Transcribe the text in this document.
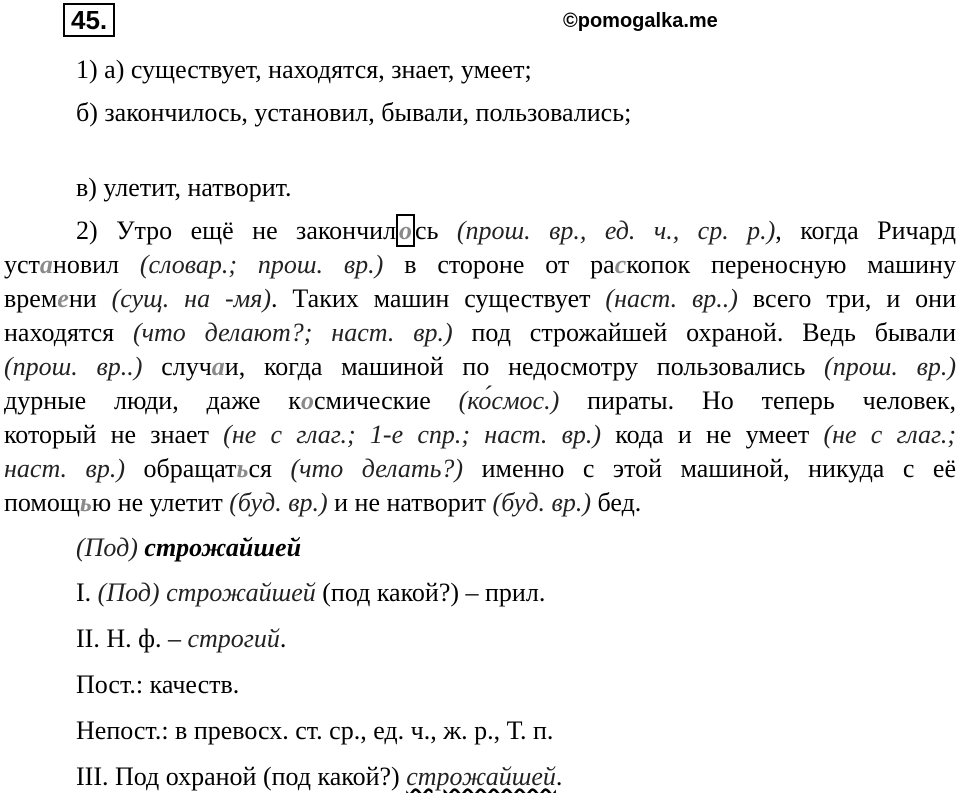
45.	©pomogalka.me
1) а) существует, находятся, знает, умеет;
б) закончилось, установил, бывали, пользовались;
в) улетит, натворит.
2) Утро ещё не закончил о сь (прош. вр., ед. ч., ср. р.), когда Ричард
установил (словар.; прош. вр.) в стороне от раскопок переносную машину
времени (сущ. на -мя). Таких машин существует (наст. вр..) всего три, и они
находятся (что делают?; наст. вр.) под строжайшей охраной. Ведь бывали
(прош. вр..) случаи, когда машиной по недосмотру пользовались (прош. вр.)
дурные люди, даже космические (ко́смос.) пираты. Но теперь человек,
который не знает (не с глаг.; 1-е спр.; наст. вр.) кода и не умеет (не с глаг.;
наст. вр.) обращаться (что делать?) именно с этой машиной, никуда с её
помощью не улетит (буд. вр.) и не натворит (буд. вр.) бед.
(Под) строжайшей
I. (Под) строжайшей (под какой?) – прил.
II. Н. ф. – строгий.
Пост.: качеств.
Непост.: в превосх. ст. ср., ед. ч., ж. р., Т. п.
III. Под охраной (под какой?) строжайшей.
